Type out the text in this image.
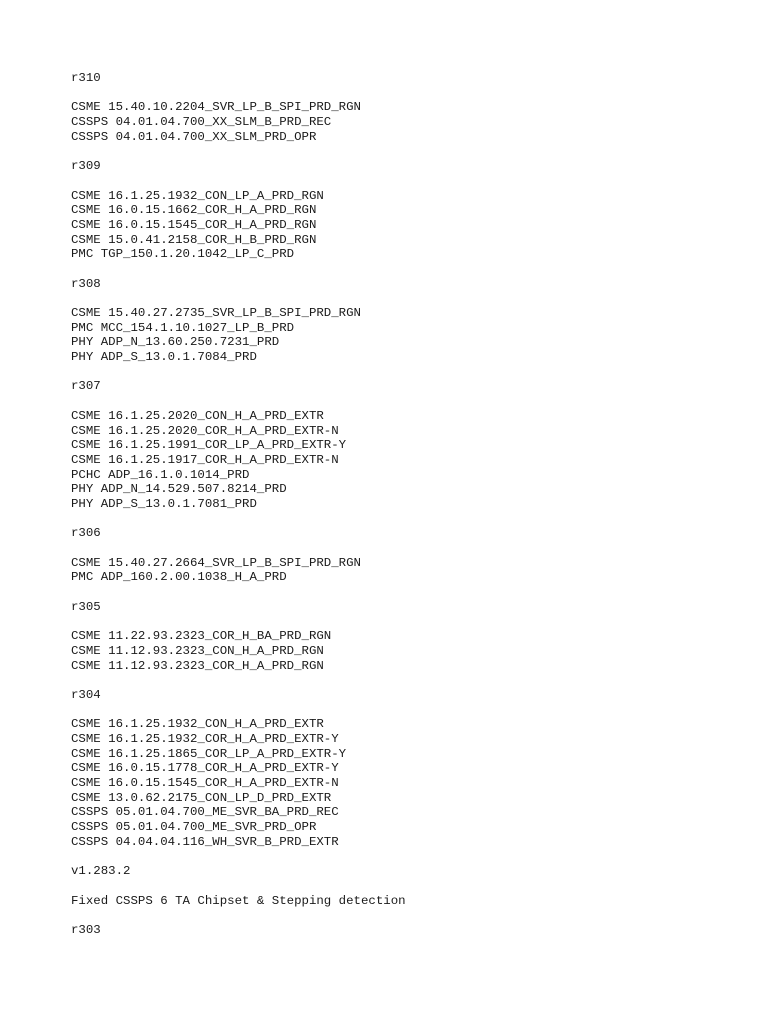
r310
CSME 15.40.10.2204_SVR_LP_B_SPI_PRD_RGN
CSSPS 04.01.04.700_XX_SLM_B_PRD_REC
CSSPS 04.01.04.700_XX_SLM_PRD_OPR
r309
CSME 16.1.25.1932_CON_LP_A_PRD_RGN
CSME 16.0.15.1662_COR_H_A_PRD_RGN
CSME 16.0.15.1545_COR_H_A_PRD_RGN
CSME 15.0.41.2158_COR_H_B_PRD_RGN
PMC TGP_150.1.20.1042_LP_C_PRD
r308
CSME 15.40.27.2735_SVR_LP_B_SPI_PRD_RGN
PMC MCC_154.1.10.1027_LP_B_PRD
PHY ADP_N_13.60.250.7231_PRD
PHY ADP_S_13.0.1.7084_PRD
r307
CSME 16.1.25.2020_CON_H_A_PRD_EXTR
CSME 16.1.25.2020_COR_H_A_PRD_EXTR-N
CSME 16.1.25.1991_COR_LP_A_PRD_EXTR-Y
CSME 16.1.25.1917_COR_H_A_PRD_EXTR-N
PCHC ADP_16.1.0.1014_PRD
PHY ADP_N_14.529.507.8214_PRD
PHY ADP_S_13.0.1.7081_PRD
r306
CSME 15.40.27.2664_SVR_LP_B_SPI_PRD_RGN
PMC ADP_160.2.00.1038_H_A_PRD
r305
CSME 11.22.93.2323_COR_H_BA_PRD_RGN
CSME 11.12.93.2323_CON_H_A_PRD_RGN
CSME 11.12.93.2323_COR_H_A_PRD_RGN
r304
CSME 16.1.25.1932_CON_H_A_PRD_EXTR
CSME 16.1.25.1932_COR_H_A_PRD_EXTR-Y
CSME 16.1.25.1865_COR_LP_A_PRD_EXTR-Y
CSME 16.0.15.1778_COR_H_A_PRD_EXTR-Y
CSME 16.0.15.1545_COR_H_A_PRD_EXTR-N
CSME 13.0.62.2175_CON_LP_D_PRD_EXTR
CSSPS 05.01.04.700_ME_SVR_BA_PRD_REC
CSSPS 05.01.04.700_ME_SVR_PRD_OPR
CSSPS 04.04.04.116_WH_SVR_B_PRD_EXTR
v1.283.2
Fixed CSSPS 6 TA Chipset & Stepping detection
r303
